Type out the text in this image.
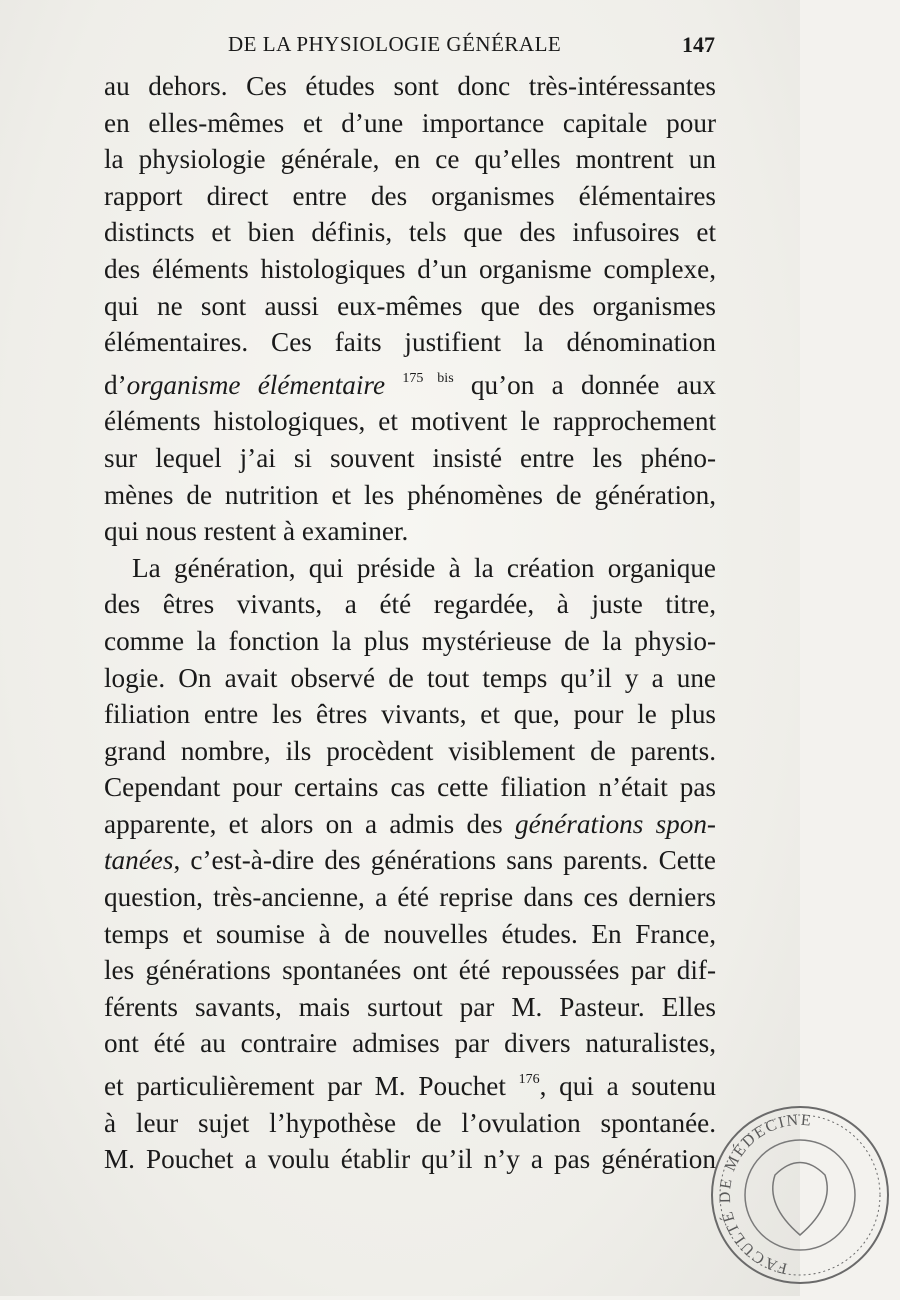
DE LA PHYSIOLOGIE GÉNÉRALE	147
au dehors. Ces études sont donc très-intéressantes
en elles-mêmes et d’une importance capitale pour
la physiologie générale, en ce qu’elles montrent un
rapport direct entre des organismes élémentaires
distincts et bien définis, tels que des infusoires et
des éléments histologiques d’un organisme complexe,
qui ne sont aussi eux-mêmes que des organismes
élémentaires. Ces faits justifient la dénomination
d’organisme élémentaire $^{175 bis}$ qu’on a donnée aux
éléments histologiques, et motivent le rapprochement
sur lequel j’ai si souvent insisté entre les phéno-
mènes de nutrition et les phénomènes de génération,
qui nous restent à examiner.
La génération, qui préside à la création organique
des êtres vivants, a été regardée, à juste titre,
comme la fonction la plus mystérieuse de la physio-
logie. On avait observé de tout temps qu’il y a une
filiation entre les êtres vivants, et que, pour le plus
grand nombre, ils procèdent visiblement de parents.
Cependant pour certains cas cette filiation n’était pas
apparente, et alors on a admis des générations spon-
tanées, c’est-à-dire des générations sans parents. Cette
question, très-ancienne, a été reprise dans ces derniers
temps et soumise à de nouvelles études. En France,
les générations spontanées ont été repoussées par dif-
férents savants, mais surtout par M. Pasteur. Elles
ont été au contraire admises par divers naturalistes,
et particulièrement par M. Pouchet $^{176}$, qui a soutenu
à leur sujet l’hypothèse de l’ovulation spontanée.
M. Pouchet a voulu établir qu’il n’y a pas génération
FACULTÉ DE MÉDECINE
